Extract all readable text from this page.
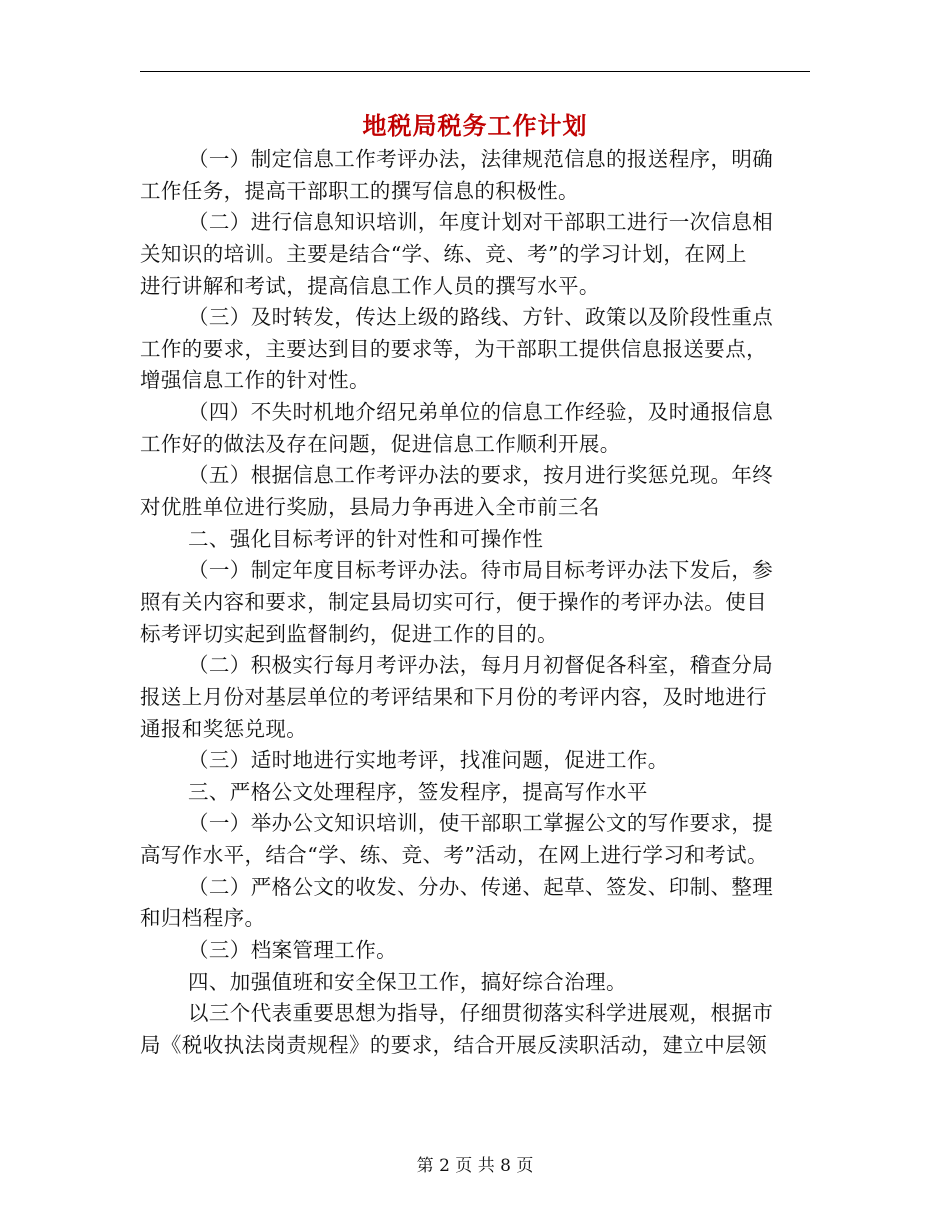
地税局税务工作计划
（一）制定信息工作考评办法，法律规范信息的报送程序，明确
工作任务，提高干部职工的撰写信息的积极性。
（二）进行信息知识培训，年度计划对干部职工进行一次信息相
关知识的培训。主要是结合“学、练、竞、考”的学习计划，在网上
进行讲解和考试，提高信息工作人员的撰写水平。
（三）及时转发，传达上级的路线、方针、政策以及阶段性重点
工作的要求，主要达到目的要求等，为干部职工提供信息报送要点，
增强信息工作的针对性。
（四）不失时机地介绍兄弟单位的信息工作经验，及时通报信息
工作好的做法及存在问题，促进信息工作顺利开展。
（五）根据信息工作考评办法的要求，按月进行奖惩兑现。年终
对优胜单位进行奖励，县局力争再进入全市前三名
二、强化目标考评的针对性和可操作性
（一）制定年度目标考评办法。待市局目标考评办法下发后，参
照有关内容和要求，制定县局切实可行，便于操作的考评办法。使目
标考评切实起到监督制约，促进工作的目的。
（二）积极实行每月考评办法，每月月初督促各科室，稽查分局
报送上月份对基层单位的考评结果和下月份的考评内容，及时地进行
通报和奖惩兑现。
（三）适时地进行实地考评，找准问题，促进工作。
三、严格公文处理程序，签发程序，提高写作水平
（一）举办公文知识培训，使干部职工掌握公文的写作要求，提
高写作水平，结合“学、练、竞、考”活动，在网上进行学习和考试。
（二）严格公文的收发、分办、传递、起草、签发、印制、整理
和归档程序。
（三）档案管理工作。
四、加强值班和安全保卫工作，搞好综合治理。
以三个代表重要思想为指导，仔细贯彻落实科学进展观，根据市
局《税收执法岗责规程》的要求，结合开展反渎职活动，建立中层领
第 2 页 共 8 页
